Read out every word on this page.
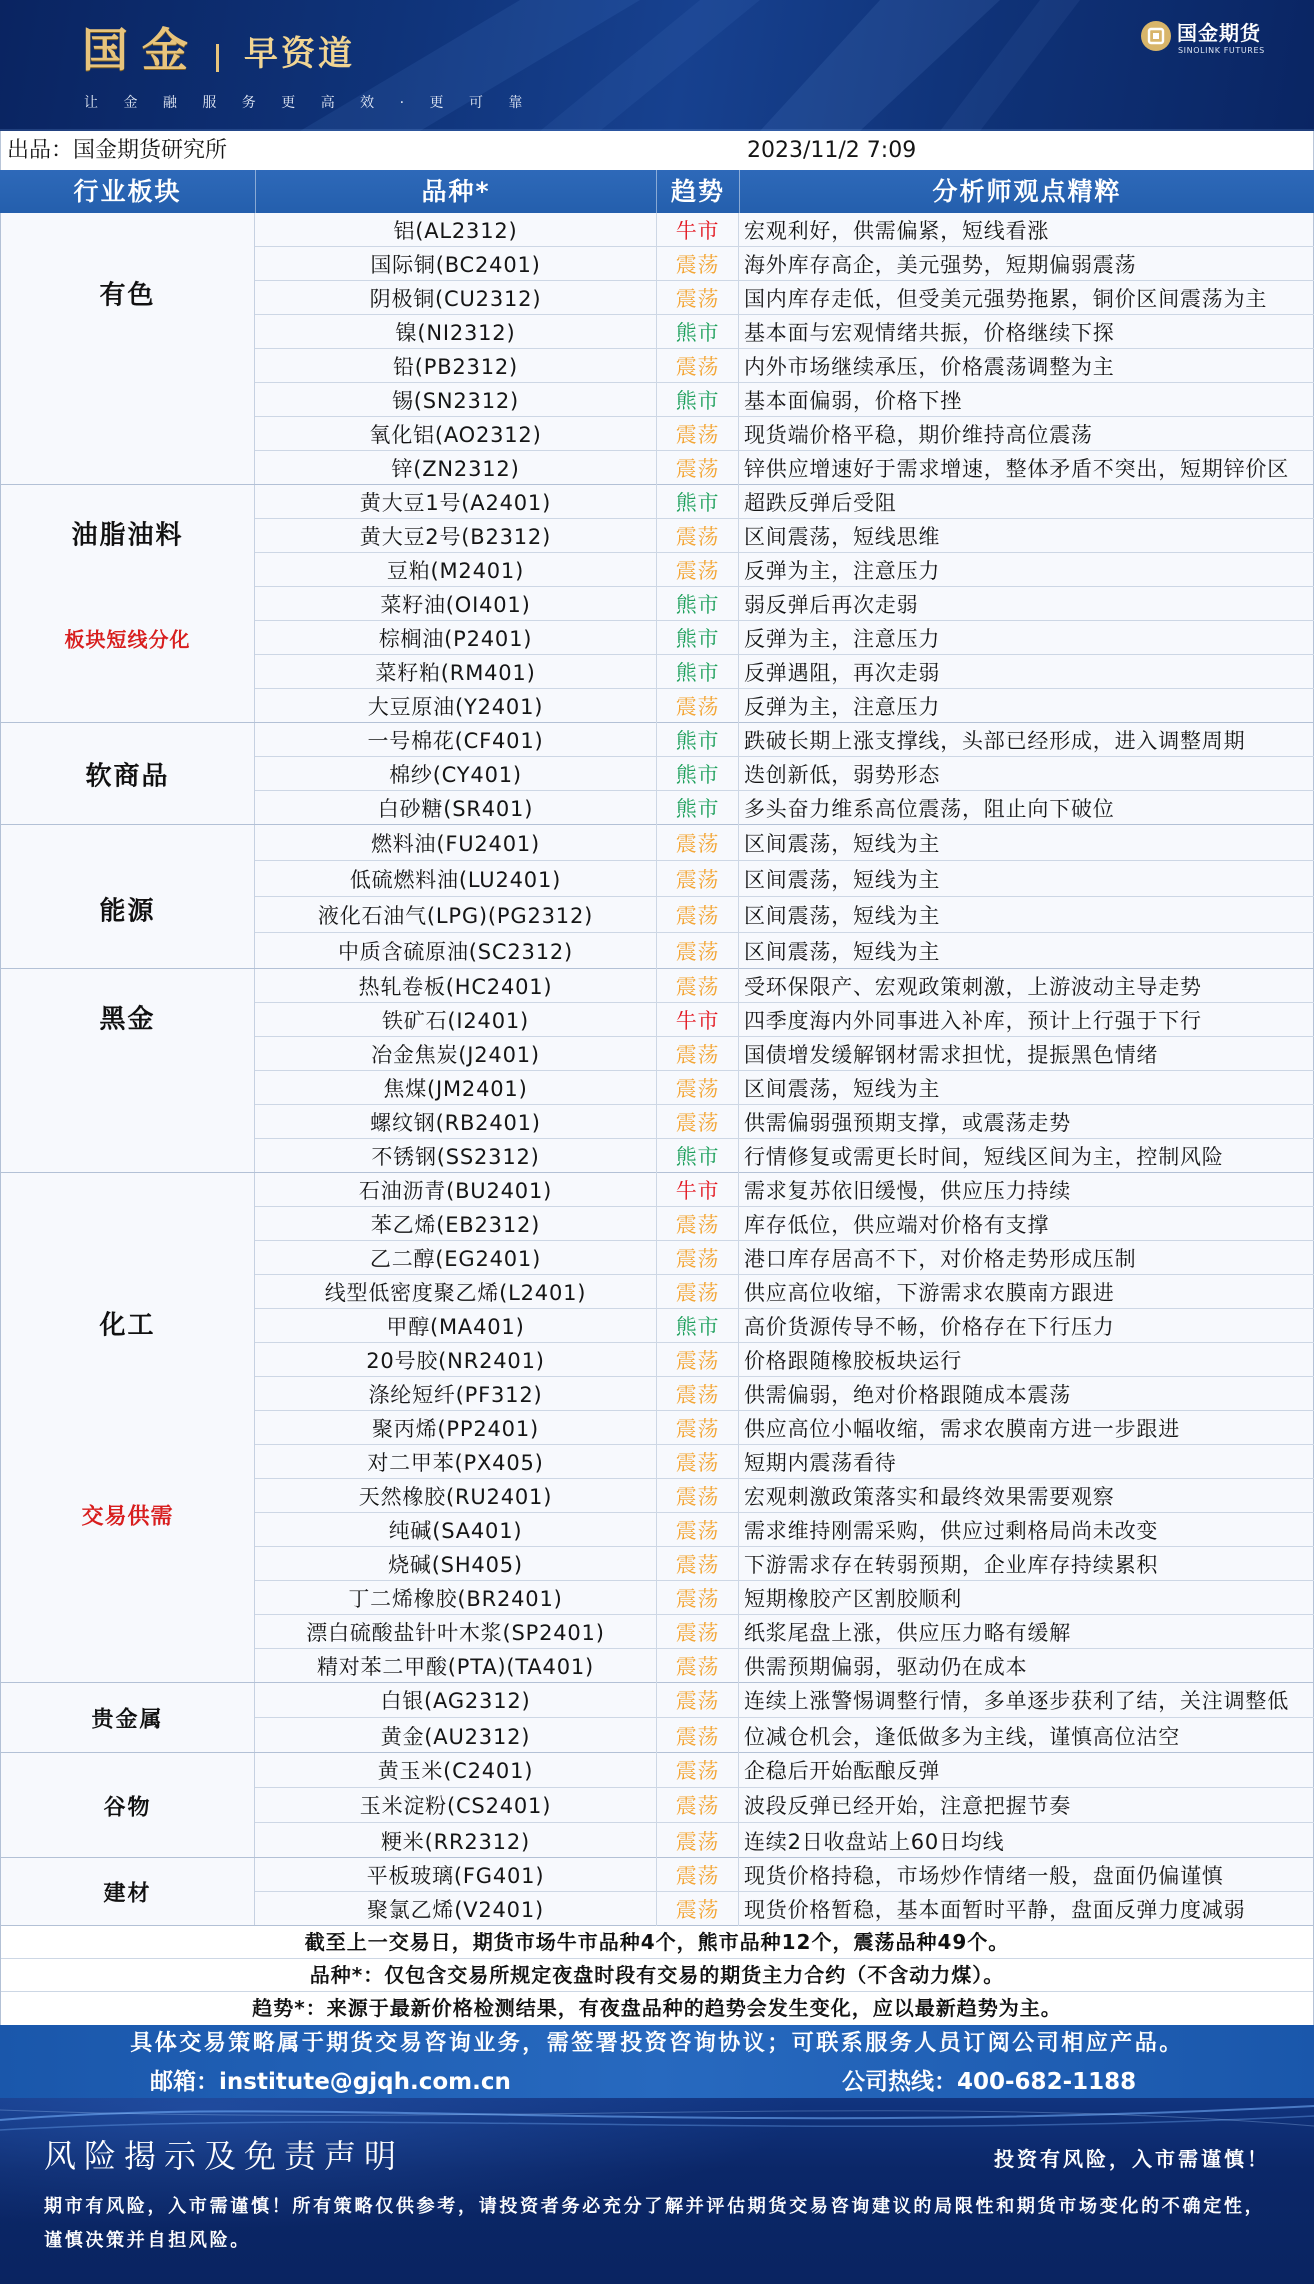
国金 早资道
让 金 融 服 务 更 高 效 · 更 可 靠
国金期货
SINOLINK FUTURES
出品：国金期货研究所	2023/11/2 7:09
行业板块	品种*	趋势	分析师观点精粹
有色
铝(AL2312)	牛市	宏观利好，供需偏紧，短线看涨
国际铜(BC2401)	震荡	海外库存高企，美元强势，短期偏弱震荡
阴极铜(CU2312)	震荡	国内库存走低，但受美元强势拖累，铜价区间震荡为主
镍(NI2312)	熊市	基本面与宏观情绪共振，价格继续下探
铅(PB2312)	震荡	内外市场继续承压，价格震荡调整为主
锡(SN2312)	熊市	基本面偏弱，价格下挫
氧化铝(AO2312)	震荡	现货端价格平稳，期价维持高位震荡
锌(ZN2312)	震荡	锌供应增速好于需求增速，整体矛盾不突出，短期锌价区
油脂油料
板块短线分化
黄大豆1号(A2401)	熊市	超跌反弹后受阻
黄大豆2号(B2312)	震荡	区间震荡，短线思维
豆粕(M2401)	震荡	反弹为主，注意压力
菜籽油(OI401)	熊市	弱反弹后再次走弱
棕榈油(P2401)	熊市	反弹为主，注意压力
菜籽粕(RM401)	熊市	反弹遇阻，再次走弱
大豆原油(Y2401)	震荡	反弹为主，注意压力
软商品
一号棉花(CF401)	熊市	跌破长期上涨支撑线，头部已经形成，进入调整周期
棉纱(CY401)	熊市	迭创新低，弱势形态
白砂糖(SR401)	熊市	多头奋力维系高位震荡，阻止向下破位
能源
燃料油(FU2401)	震荡	区间震荡，短线为主
低硫燃料油(LU2401)	震荡	区间震荡，短线为主
液化石油气(LPG)(PG2312)	震荡	区间震荡，短线为主
中质含硫原油(SC2312)	震荡	区间震荡，短线为主
黑金
热轧卷板(HC2401)	震荡	受环保限产、宏观政策刺激，上游波动主导走势
铁矿石(I2401)	牛市	四季度海内外同事进入补库，预计上行强于下行
冶金焦炭(J2401)	震荡	国债增发缓解钢材需求担忧，提振黑色情绪
焦煤(JM2401)	震荡	区间震荡，短线为主
螺纹钢(RB2401)	震荡	供需偏弱强预期支撑，或震荡走势
不锈钢(SS2312)	熊市	行情修复或需更长时间，短线区间为主，控制风险
化工
交易供需
石油沥青(BU2401)	牛市	需求复苏依旧缓慢，供应压力持续
苯乙烯(EB2312)	震荡	库存低位，供应端对价格有支撑
乙二醇(EG2401)	震荡	港口库存居高不下，对价格走势形成压制
线型低密度聚乙烯(L2401)	震荡	供应高位收缩，下游需求农膜南方跟进
甲醇(MA401)	熊市	高价货源传导不畅，价格存在下行压力
20号胶(NR2401)	震荡	价格跟随橡胶板块运行
涤纶短纤(PF312)	震荡	供需偏弱，绝对价格跟随成本震荡
聚丙烯(PP2401)	震荡	供应高位小幅收缩，需求农膜南方进一步跟进
对二甲苯(PX405)	震荡	短期内震荡看待
天然橡胶(RU2401)	震荡	宏观刺激政策落实和最终效果需要观察
纯碱(SA401)	震荡	需求维持刚需采购，供应过剩格局尚未改变
烧碱(SH405)	震荡	下游需求存在转弱预期，企业库存持续累积
丁二烯橡胶(BR2401)	震荡	短期橡胶产区割胶顺利
漂白硫酸盐针叶木浆(SP2401)	震荡	纸浆尾盘上涨，供应压力略有缓解
精对苯二甲酸(PTA)(TA401)	震荡	供需预期偏弱，驱动仍在成本
贵金属
白银(AG2312)	震荡	连续上涨警惕调整行情，多单逐步获利了结，关注调整低
黄金(AU2312)	震荡	位减仓机会，逢低做多为主线，谨慎高位沽空
谷物
黄玉米(C2401)	震荡	企稳后开始酝酿反弹
玉米淀粉(CS2401)	震荡	波段反弹已经开始，注意把握节奏
粳米(RR2312)	震荡	连续2日收盘站上60日均线
建材
平板玻璃(FG401)	震荡	现货价格持稳，市场炒作情绪一般，盘面仍偏谨慎
聚氯乙烯(V2401)	震荡	现货价格暂稳，基本面暂时平静，盘面反弹力度减弱
截至上一交易日，期货市场牛市品种4个，熊市品种12个，震荡品种49个。
品种*：仅包含交易所规定夜盘时段有交易的期货主力合约（不含动力煤）。
趋势*：来源于最新价格检测结果，有夜盘品种的趋势会发生变化，应以最新趋势为主。
具体交易策略属于期货交易咨询业务，需签署投资咨询协议；可联系服务人员订阅公司相应产品。
邮箱：institute@gjqh.com.cn	公司热线：400-682-1188
风险揭示及免责声明	投资有风险，入市需谨慎！
期市有风险，入市需谨慎！所有策略仅供参考，请投资者务必充分了解并评估期货交易咨询建议的局限性和期货市场变化的不确定性，
谨慎决策并自担风险。
